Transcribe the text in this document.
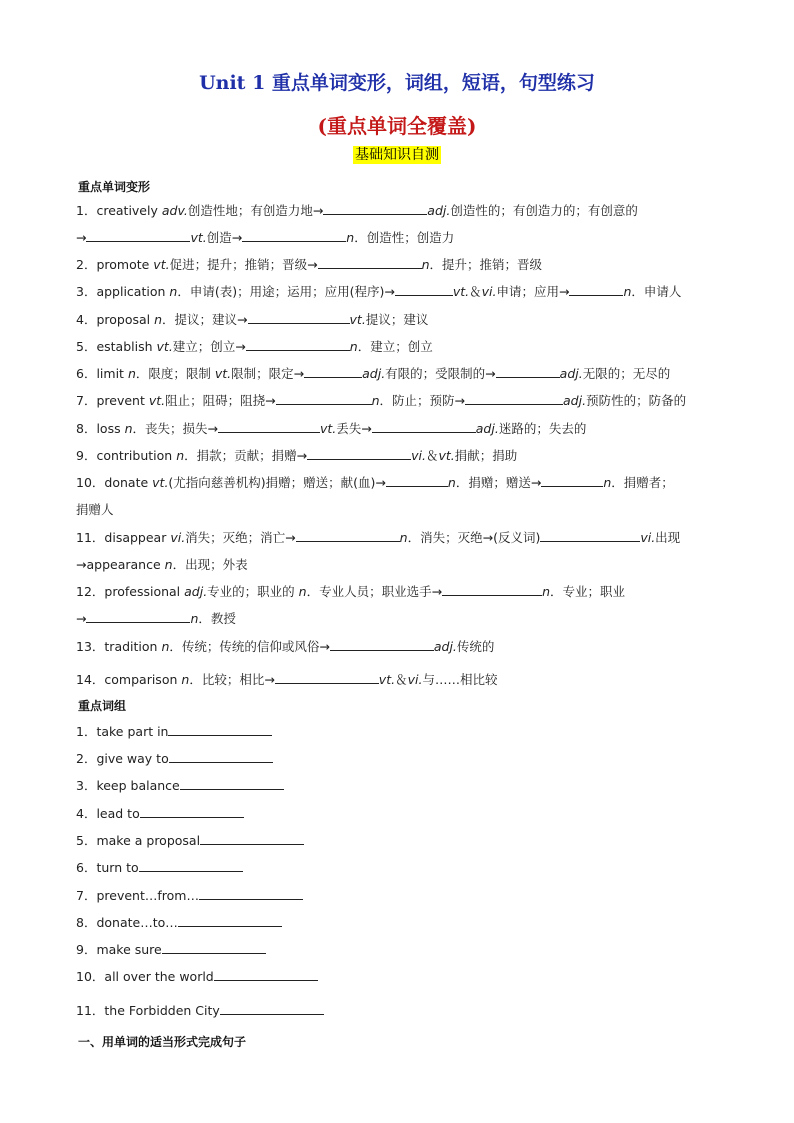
Unit 1 重点单词变形，词组，短语，句型练习
(重点单词全覆盖)
基础知识自测
重点单词变形
1．creatively adv.创造性地；有创造力地→	adj.创造性的；有创造力的；有创意的
→	vt.创造→	n．创造性；创造力
2．promote vt.促进；提升；推销；晋级→	n．提升；推销；晋级
3．application n．申请(表)；用途；运用；应用(程序)→	vt.＆vi.申请；应用→	n．申请人
4．proposal n．提议；建议→	vt.提议；建议
5．establish vt.建立；创立→	n．建立；创立
6．limit n．限度；限制 vt.限制；限定→	adj.有限的；受限制的→	adj.无限的；无尽的
7．prevent vt.阻止；阻碍；阻挠→	n．防止；预防→	adj.预防性的；防备的
8．loss n．丧失；损失→	vt.丢失→	adj.迷路的；失去的
9．contribution n．捐款；贡献；捐赠→	vi.＆vt.捐献；捐助
10．donate vt.(尤指向慈善机构)捐赠；赠送；献(血)→	n．捐赠；赠送→	n．捐赠者；
捐赠人
11．disappear vi.消失；灭绝；消亡→	n．消失；灭绝→(反义词)	vi.出现
→appearance n．出现；外表
12．professional adj.专业的；职业的 n．专业人员；职业选手→	n．专业；职业
→	n．教授
13．tradition n．传统；传统的信仰或风俗→	adj.传统的
14．comparison n．比较；相比→	vt.＆vi.与……相比较
重点词组
1．take part in
2．give way to
3．keep balance
4．lead to
5．make a proposal
6．turn to
7．prevent…from…
8．donate…to…
9．make sure
10．all over the world
11．the Forbidden City
一、用单词的适当形式完成句子
